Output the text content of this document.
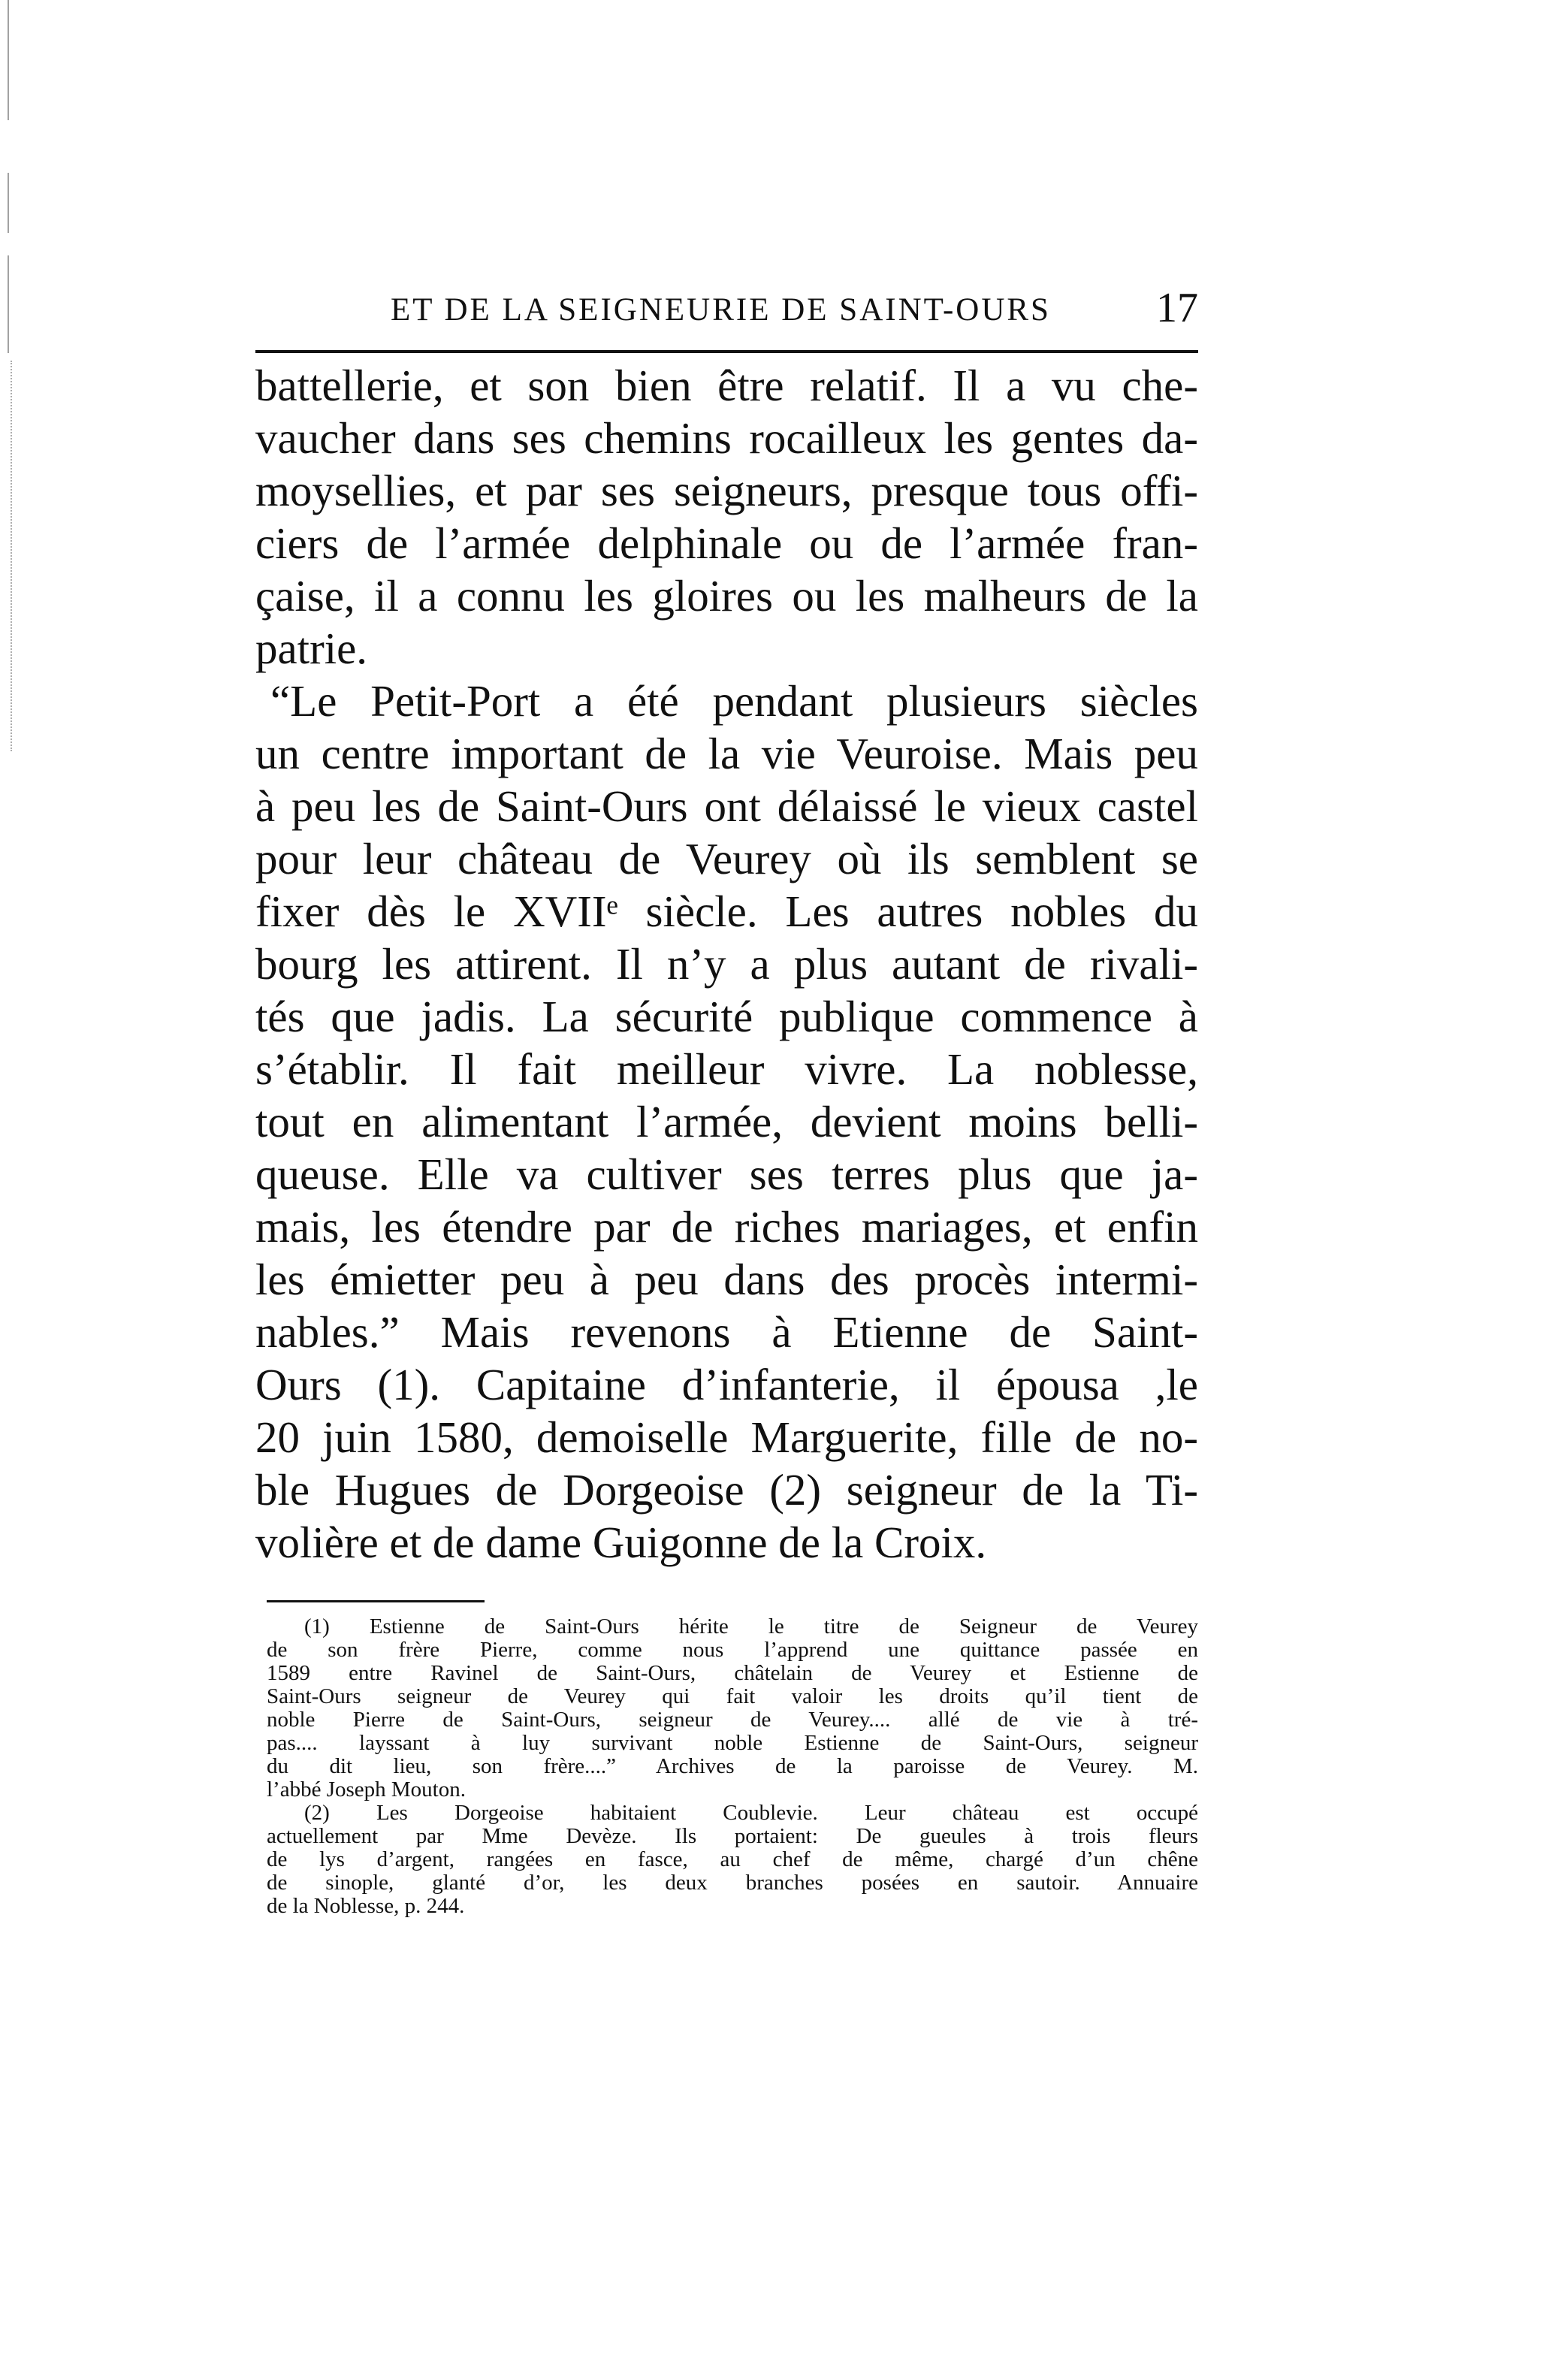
ET DE LA SEIGNEURIE DE SAINT-OURS	17
battellerie, et son bien être relatif. Il a vu che-
vaucher dans ses chemins rocailleux les gentes da-
moysellies, et par ses seigneurs, presque tous offi-
ciers de l’armée delphinale ou de l’armée fran-
çaise, il a connu les gloires ou les malheurs de la
patrie.
“Le Petit-Port a été pendant plusieurs siècles
un centre important de la vie Veuroise. Mais peu
à peu les de Saint-Ours ont délaissé le vieux castel
pour leur château de Veurey où ils semblent se
fixer dès le XVIIᵉ siècle. Les autres nobles du
bourg les attirent. Il n’y a plus autant de rivali-
tés que jadis. La sécurité publique commence à
s’établir. Il fait meilleur vivre. La noblesse,
tout en alimentant l’armée, devient moins belli-
queuse. Elle va cultiver ses terres plus que ja-
mais, les étendre par de riches mariages, et enfin
les émietter peu à peu dans des procès intermi-
nables.” Mais revenons à Etienne de Saint-
Ours (1). Capitaine d’infanterie, il épousa ,le
20 juin 1580, demoiselle Marguerite, fille de no-
ble Hugues de Dorgeoise (2) seigneur de la Ti-
volière et de dame Guigonne de la Croix.
(1) Estienne de Saint-Ours hérite le titre de Seigneur de Veurey
de son frère Pierre, comme nous l’apprend une quittance passée en
1589 entre Ravinel de Saint-Ours, châtelain de Veurey et Estienne de
Saint-Ours seigneur de Veurey qui fait valoir les droits qu’il tient de
noble Pierre de Saint-Ours, seigneur de Veurey.... allé de vie à tré-
pas.... layssant à luy survivant noble Estienne de Saint-Ours, seigneur
du dit lieu, son frère....” Archives de la paroisse de Veurey. M.
l’abbé Joseph Mouton.
(2) Les Dorgeoise habitaient Coublevie. Leur château est occupé
actuellement par Mme Devèze. Ils portaient: De gueules à trois fleurs
de lys d’argent, rangées en fasce, au chef de même, chargé d’un chêne
de sinople, glanté d’or, les deux branches posées en sautoir. Annuaire
de la Noblesse, p. 244.
